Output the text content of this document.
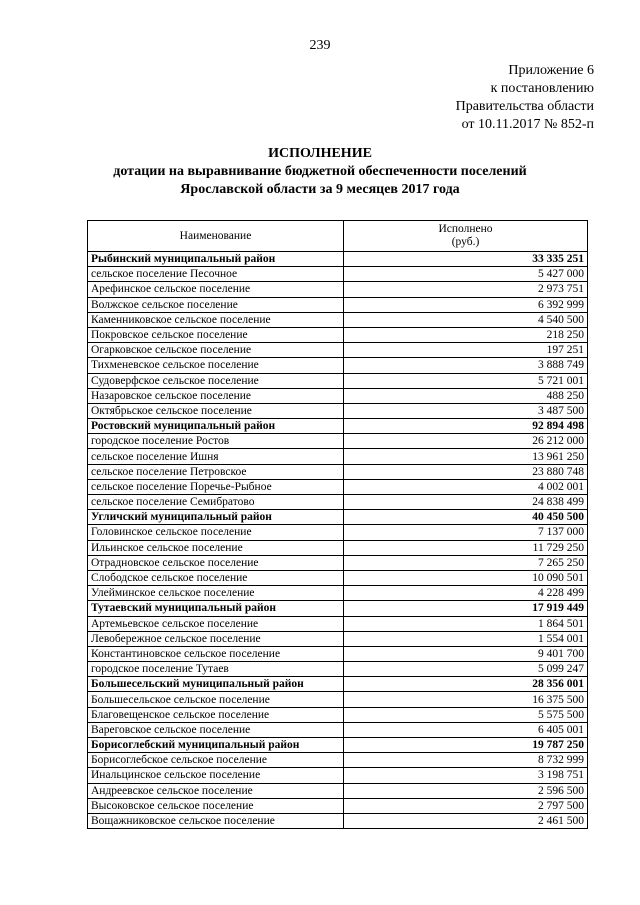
239
Приложение 6
к постановлению
Правительства области
от 10.11.2017 № 852-п
ИСПОЛНЕНИЕ
дотации на выравнивание бюджетной обеспеченности поселений
Ярославской области за 9 месяцев 2017 года
Наименование	Исполнено
(руб.)

Рыбинский муниципальный район	33 335 251
сельское поселение Песочное	5 427 000
Арефинское сельское поселение	2 973 751
Волжское сельское поселение	6 392 999
Каменниковское сельское поселение	4 540 500
Покровское сельское поселение	218 250
Огарковское сельское поселение	197 251
Тихменевское сельское поселение	3 888 749
Судоверфское сельское поселение	5 721 001
Назаровское сельское поселение	488 250
Октябрьское сельское поселение	3 487 500
Ростовский муниципальный район	92 894 498
городское поселение Ростов	26 212 000
сельское поселение Ишня	13 961 250
сельское поселение Петровское	23 880 748
сельское поселение Поречье-Рыбное	4 002 001
сельское поселение Семибратово	24 838 499
Угличский муниципальный район	40 450 500
Головинское сельское поселение	7 137 000
Ильинское сельское поселение	11 729 250
Отрадновское сельское поселение	7 265 250
Слободское сельское поселение	10 090 501
Улейминское сельское поселение	4 228 499
Тутаевский муниципальный район	17 919 449
Артемьевское сельское поселение	1 864 501
Левобережное сельское поселение	1 554 001
Константиновское сельское поселение	9 401 700
городское поселение Тутаев	5 099 247
Большесельский муниципальный район	28 356 001
Большесельское сельское поселение	16 375 500
Благовещенское сельское поселение	5 575 500
Вареговское сельское поселение	6 405 001
Борисоглебский муниципальный район	19 787 250
Борисоглебское сельское поселение	8 732 999
Инальцинское сельское поселение	3 198 751
Андреевское сельское поселение	2 596 500
Высоковское сельское поселение	2 797 500
Вощажниковское сельское поселение	2 461 500
